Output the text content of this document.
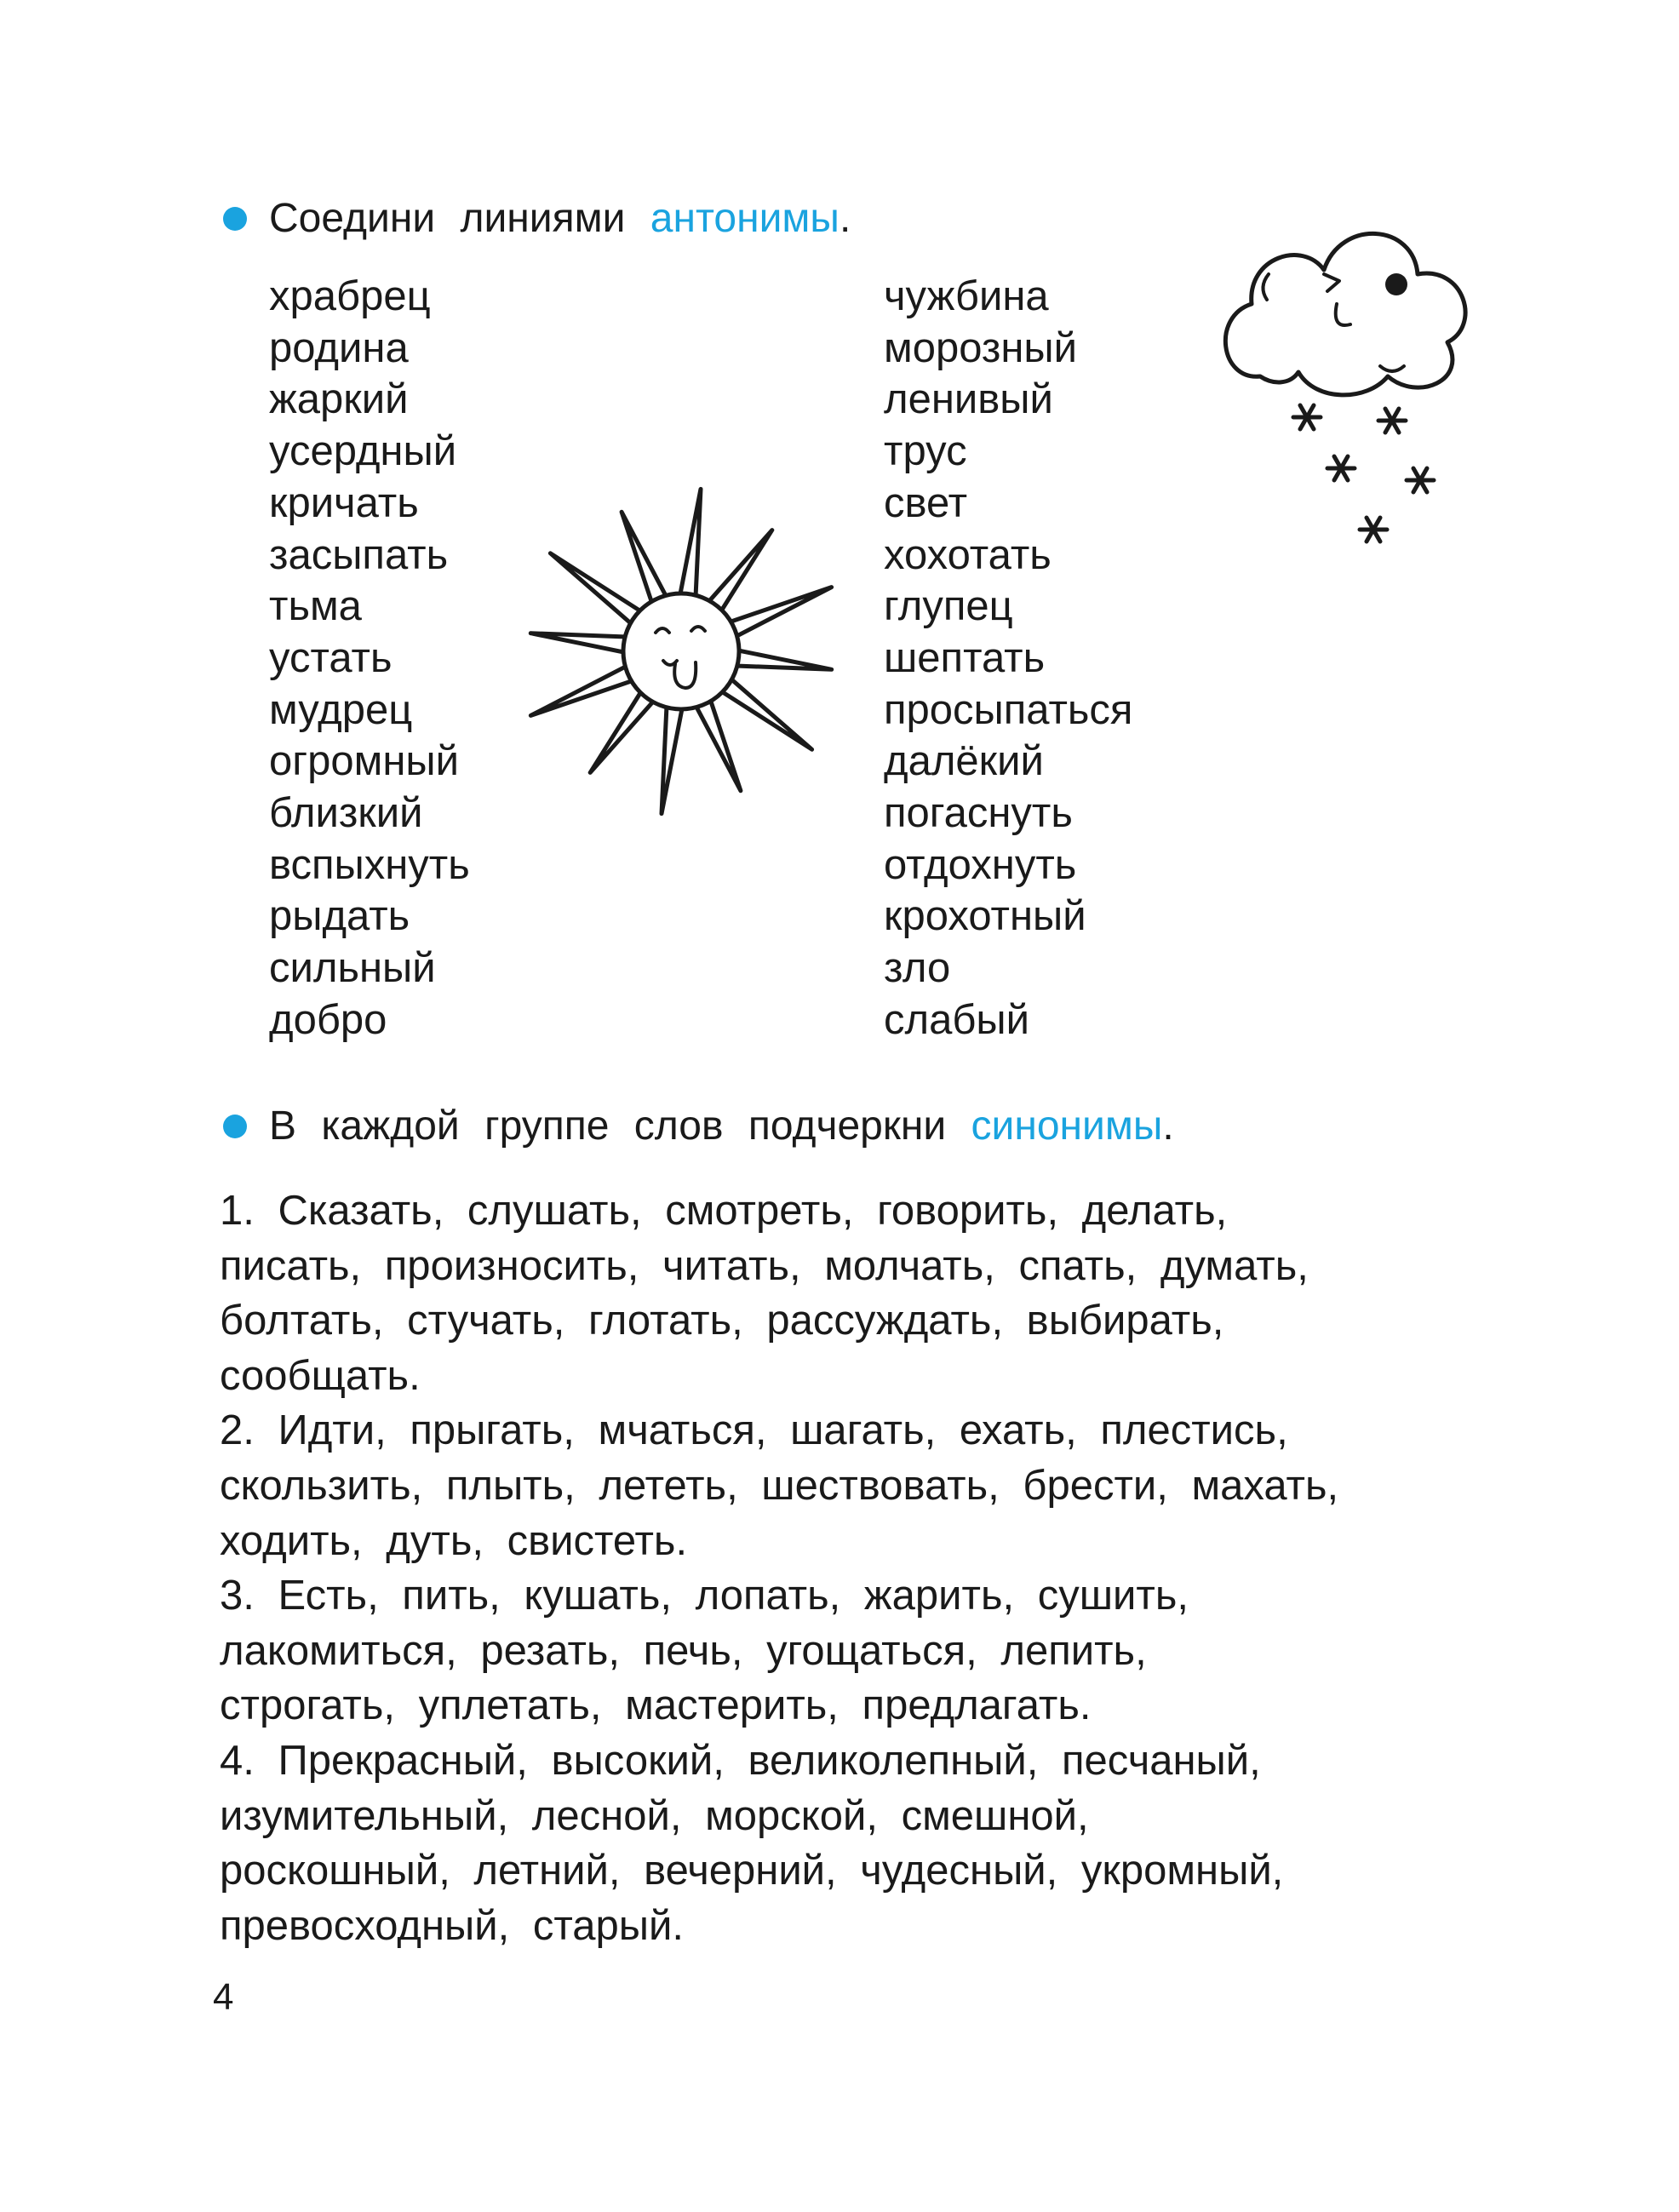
Соедини линиями антонимы.
храбрец
родина
жаркий
усердный
кричать
засыпать
тьма
устать
мудрец
огромный
близкий
вспыхнуть
рыдать
сильный
добро
чужбина
морозный
ленивый
трус
свет
хохотать
глупец
шептать
просыпаться
далёкий
погаснуть
отдохнуть
крохотный
зло
слабый
В каждой группе слов подчеркни синонимы.

1. Сказать, слушать, смотреть, говорить, делать,
писать, произносить, читать, молчать, спать, думать,
болтать, стучать, глотать, рассуждать, выбирать,
сообщать.

2. Идти, прыгать, мчаться, шагать, ехать, плестись,
скользить, плыть, лететь, шествовать, брести, махать,
ходить, дуть, свистеть.

3. Есть, пить, кушать, лопать, жарить, сушить,
лакомиться, резать, печь, угощаться, лепить,
строгать, уплетать, мастерить, предлагать.

4. Прекрасный, высокий, великолепный, песчаный,
изумительный, лесной, морской, смешной,
роскошный, летний, вечерний, чудесный, укромный,
превосходный, старый.

4
